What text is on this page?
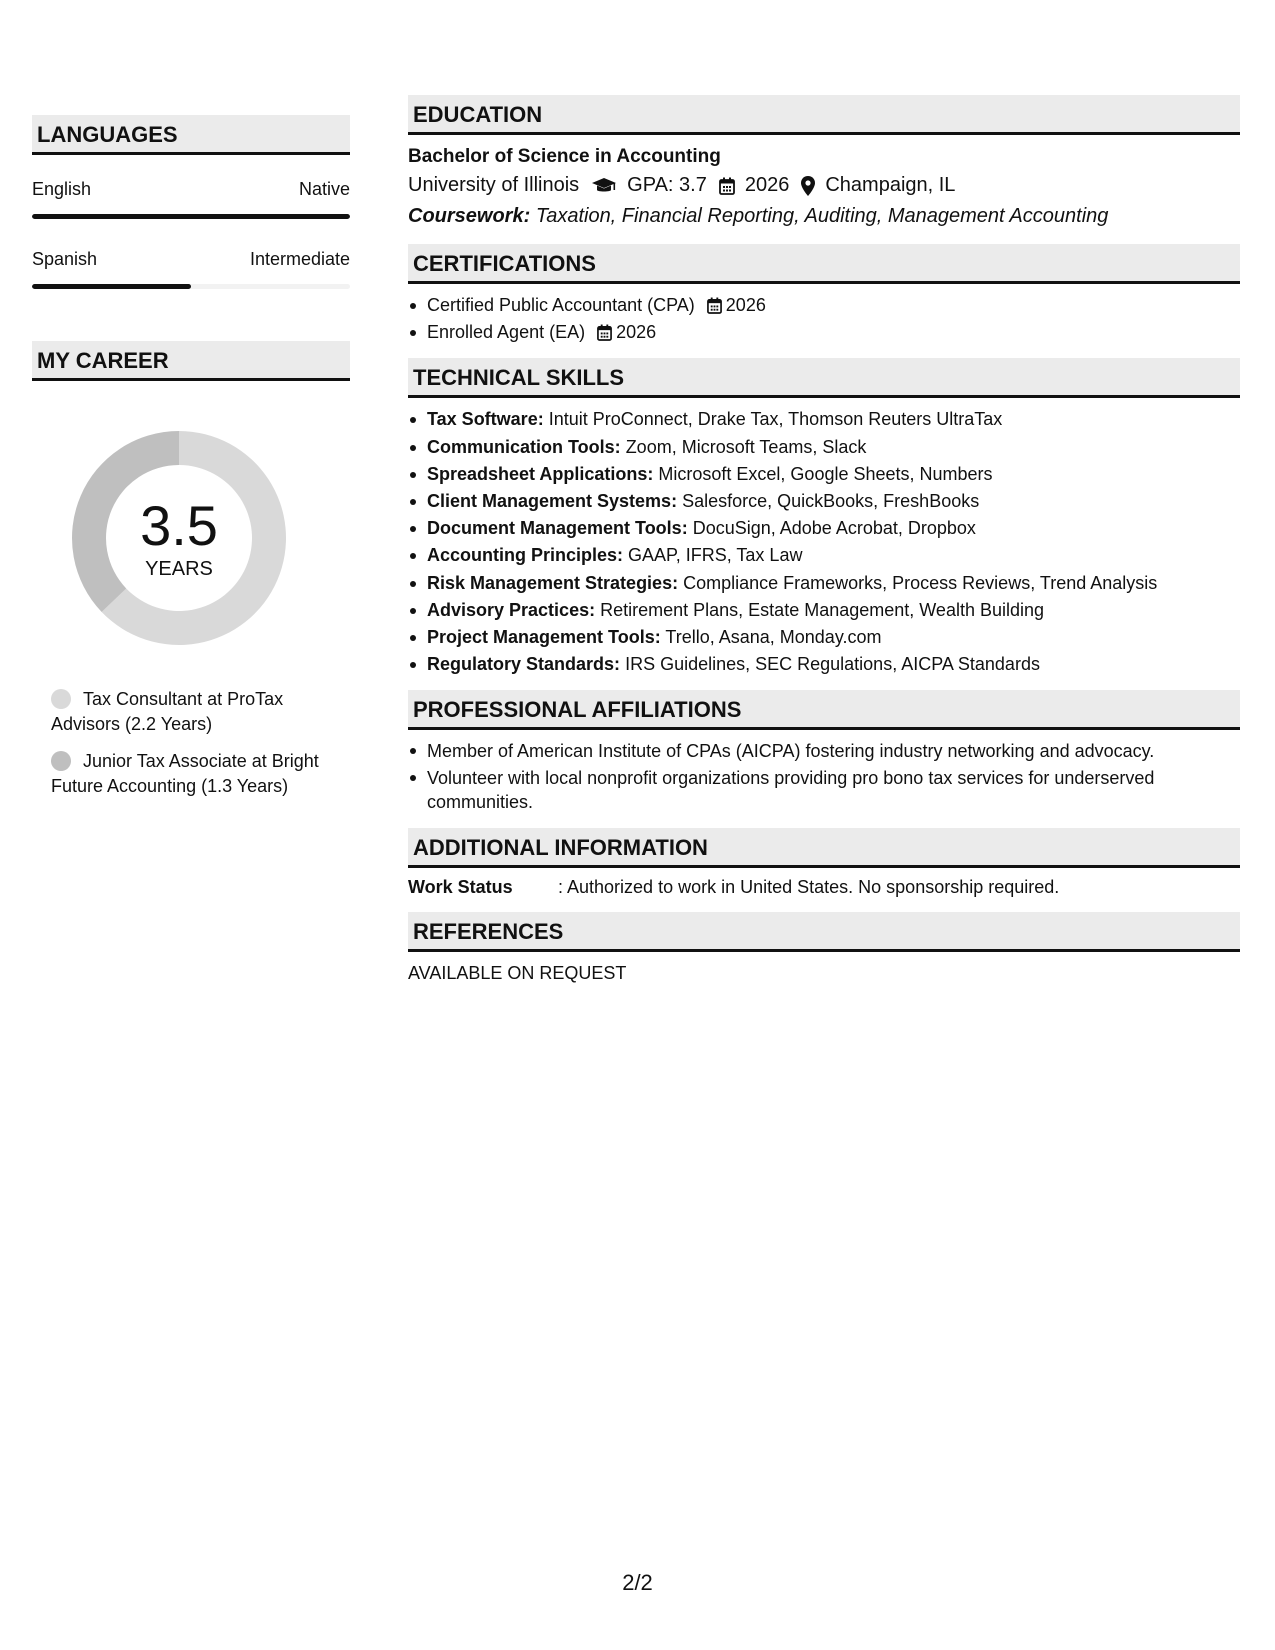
LANGUAGES
English	Native
Spanish	Intermediate
MY CAREER
3.5
YEARS
Tax Consultant at ProTax Advisors (2.2 Years)
Junior Tax Associate at Bright Future Accounting (1.3 Years)
EDUCATION
Bachelor of Science in Accounting
University of Illinois GPA: 3.7 2026 Champaign, IL
Coursework: Taxation, Financial Reporting, Auditing, Management Accounting
CERTIFICATIONS
Certified Public Accountant (CPA) 2026
Enrolled Agent (EA) 2026
TECHNICAL SKILLS
Tax Software: Intuit ProConnect, Drake Tax, Thomson Reuters UltraTax
Communication Tools: Zoom, Microsoft Teams, Slack
Spreadsheet Applications: Microsoft Excel, Google Sheets, Numbers
Client Management Systems: Salesforce, QuickBooks, FreshBooks
Document Management Tools: DocuSign, Adobe Acrobat, Dropbox
Accounting Principles: GAAP, IFRS, Tax Law
Risk Management Strategies: Compliance Frameworks, Process Reviews, Trend Analysis
Advisory Practices: Retirement Plans, Estate Management, Wealth Building
Project Management Tools: Trello, Asana, Monday.com
Regulatory Standards: IRS Guidelines, SEC Regulations, AICPA Standards
PROFESSIONAL AFFILIATIONS
Member of American Institute of CPAs (AICPA) fostering industry networking and advocacy.
Volunteer with local nonprofit organizations providing pro bono tax services for underserved communities.
ADDITIONAL INFORMATION
Work Status	: Authorized to work in United States. No sponsorship required.
REFERENCES
AVAILABLE ON REQUEST
2/2
